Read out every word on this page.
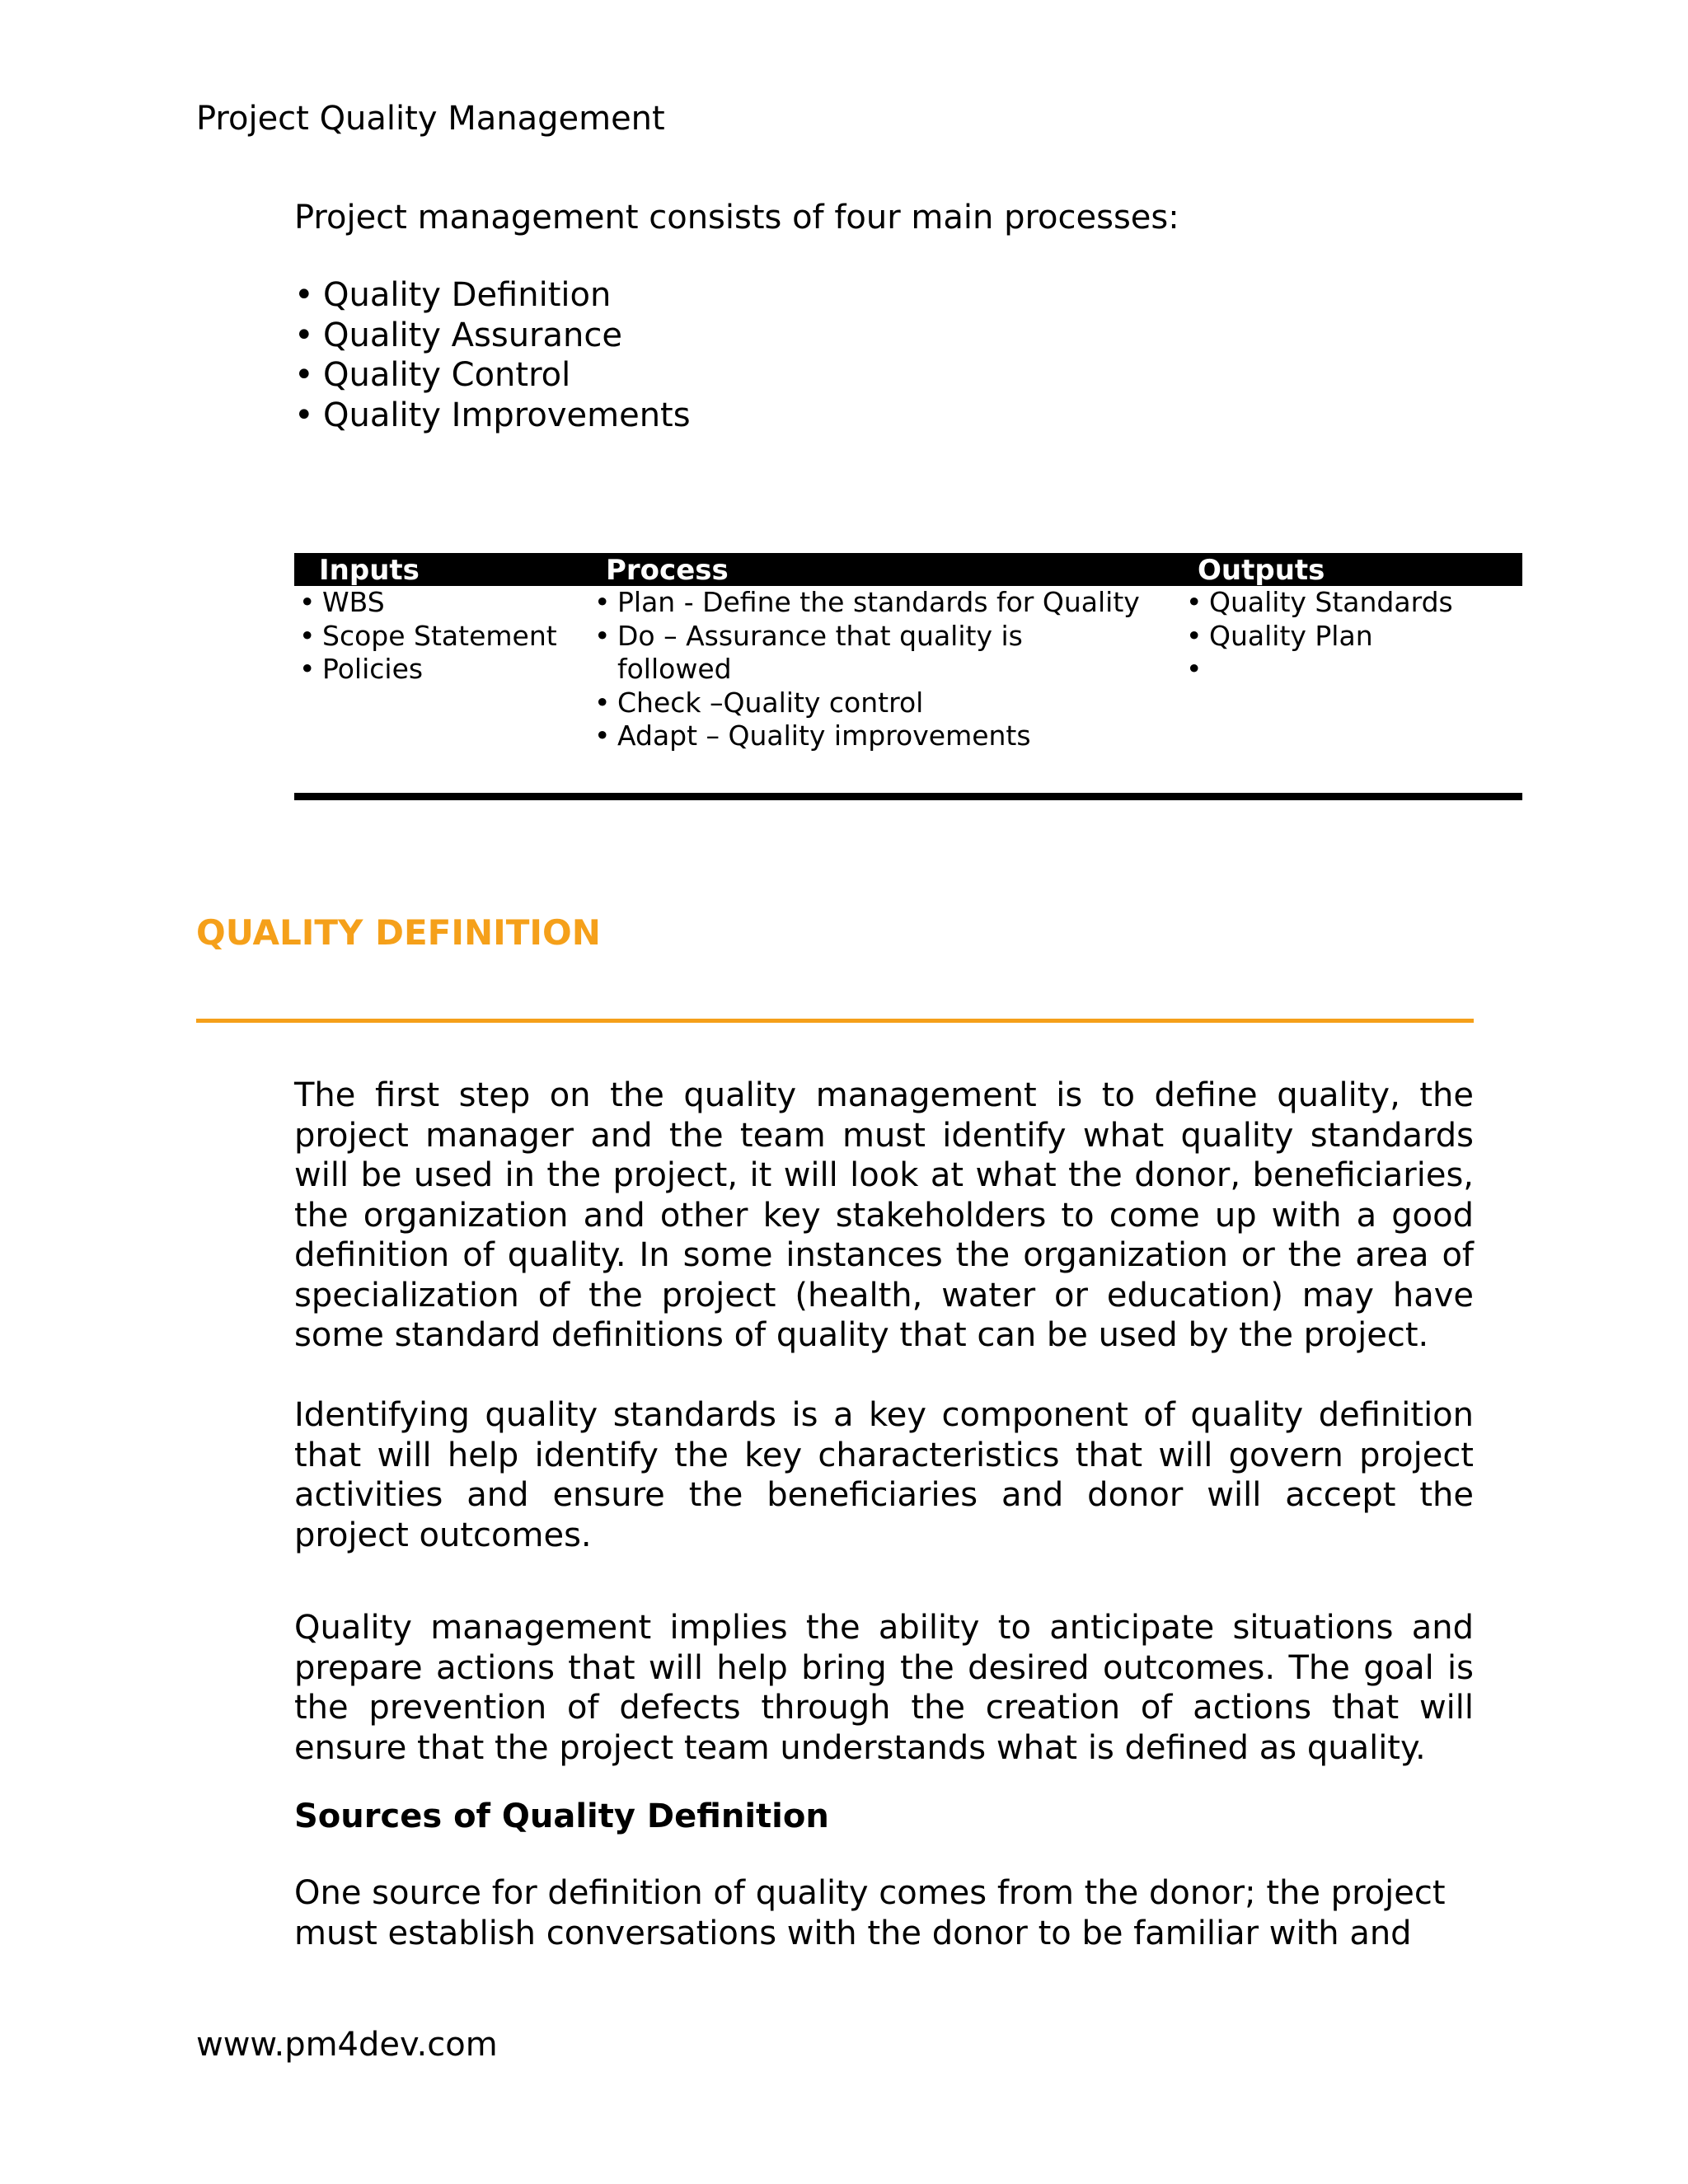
Project Quality Management

Project management consists of four main processes:

• Quality Definition
• Quality Assurance
• Quality Control
• Quality Improvements
Inputs	Process	Outputs
• WBS
• Scope Statement
• Policies
• Plan - Define the standards for Quality
• Do – Assurance that quality is
followed
• Check –Quality control
• Adapt – Quality improvements
• Quality Standards
• Quality Plan
QUALITY DEFINITION

The first step on the quality management is to define quality, the project manager and the team must identify what quality standards will be used in the project, it will look at what the donor, beneficiaries, the organization and other key stakeholders to come up with a good definition of quality. In some instances the organization or the area of specialization of the project (health, water or education) may have some standard definitions of quality that can be used by the project.

Identifying quality standards is a key component of quality definition that will help identify the key characteristics that will govern project activities and ensure the beneficiaries and donor will accept the project outcomes.

Quality management implies the ability to anticipate situations and prepare actions that will help bring the desired outcomes. The goal is the prevention of defects through the creation of actions that will ensure that the project team understands what is defined as quality.

Sources of Quality Definition

One source for definition of quality comes from the donor; the project must establish conversations with the donor to be familiar with and

www.pm4dev.com
